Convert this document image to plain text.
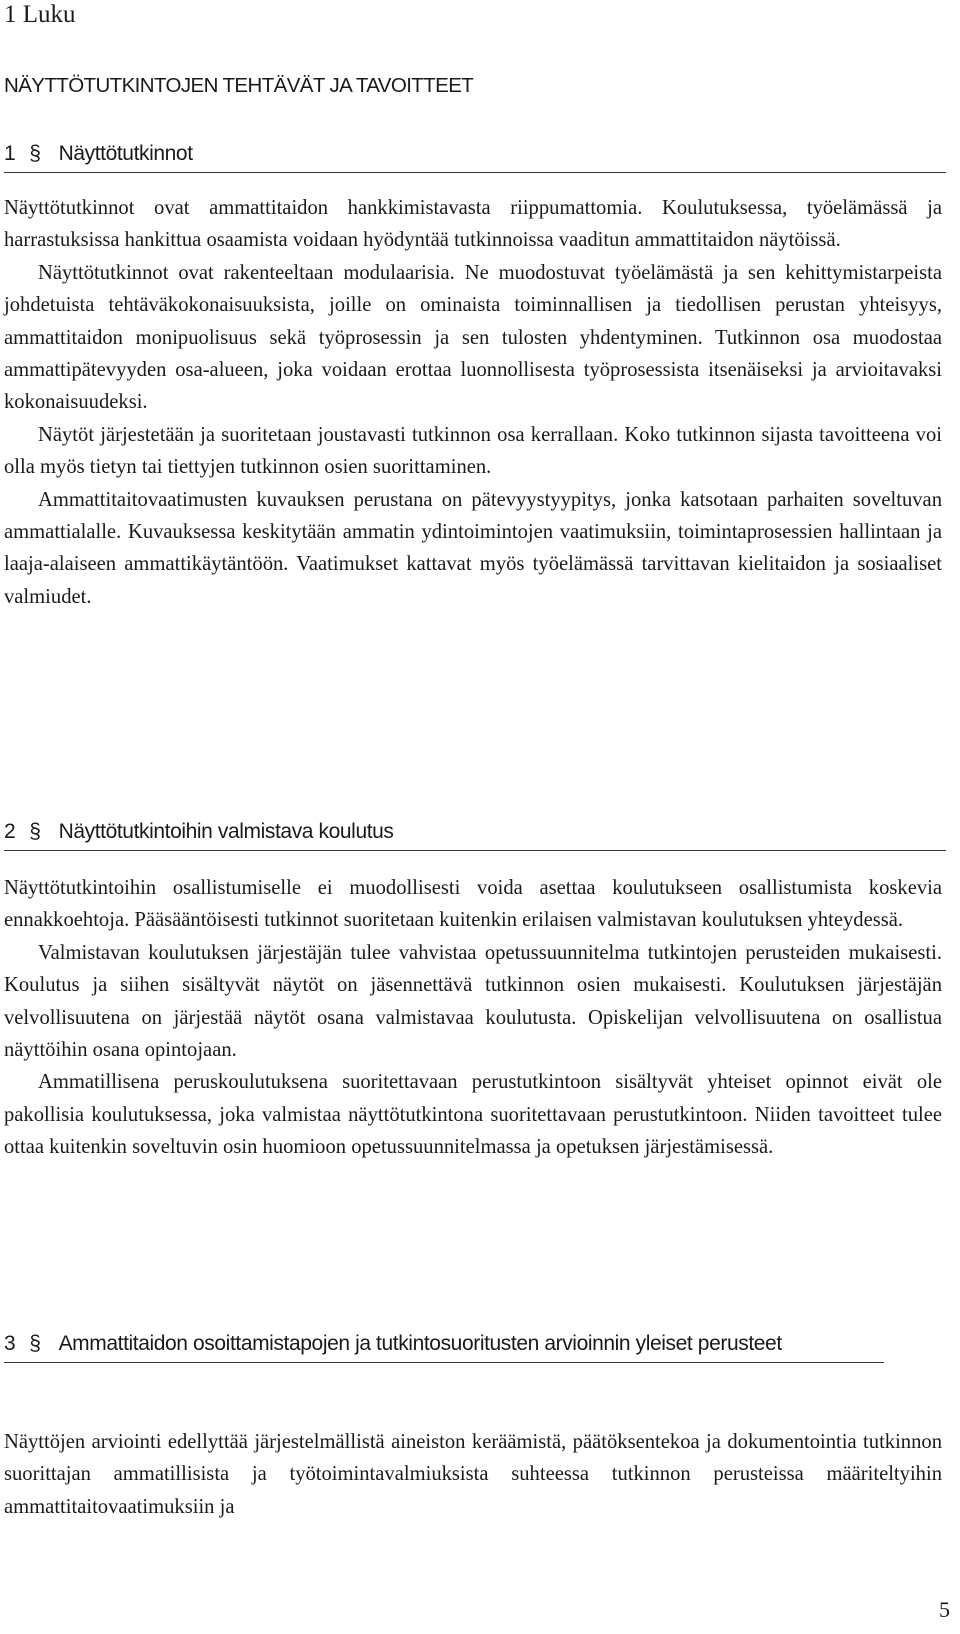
1 Luku
NÄYTTÖTUTKINTOJEN TEHTÄVÄT JA TAVOITTEET
1 § Näyttötutkinnot

Näyttötutkinnot ovat ammattitaidon hankkimistavasta riippumattomia. Koulutuksessa, työelämässä ja harrastuksissa hankittua osaamista voidaan hyödyntää tutkinnoissa vaaditun ammattitaidon näytöissä.

Näyttötutkinnot ovat rakenteeltaan modulaarisia. Ne muodostuvat työelämästä ja sen kehittymistarpeista johdetuista tehtäväkokonaisuuksista, joille on ominaista toiminnallisen ja tiedollisen perustan yhteisyys, ammattitaidon monipuolisuus sekä työprosessin ja sen tulosten yhdentyminen. Tutkinnon osa muodostaa ammattipätevyyden osa-alueen, joka voidaan erottaa luonnollisesta työprosessista itsenäiseksi ja arvioitavaksi kokonaisuudeksi.

Näytöt järjestetään ja suoritetaan joustavasti tutkinnon osa kerrallaan. Koko tutkinnon sijasta tavoitteena voi olla myös tietyn tai tiettyjen tutkinnon osien suorittaminen.

Ammattitaitovaatimusten kuvauksen perustana on pätevyystyypitys, jonka katsotaan parhaiten soveltuvan ammattialalle. Kuvauksessa keskitytään ammatin ydintoimintojen vaatimuksiin, toimintaprosessien hallintaan ja laaja-alaiseen ammattikäytäntöön. Vaatimukset kattavat myös työelämässä tarvittavan kielitaidon ja sosiaaliset valmiudet.

2 § Näyttötutkintoihin valmistava koulutus

Näyttötutkintoihin osallistumiselle ei muodollisesti voida asettaa koulutukseen osallistumista koskevia ennakkoehtoja. Pääsääntöisesti tutkinnot suoritetaan kuitenkin erilaisen valmistavan koulutuksen yhteydessä.

Valmistavan koulutuksen järjestäjän tulee vahvistaa opetussuunnitelma tutkintojen perusteiden mukaisesti. Koulutus ja siihen sisältyvät näytöt on jäsennettävä tutkinnon osien mukaisesti. Koulutuksen järjestäjän velvollisuutena on järjestää näytöt osana valmistavaa koulutusta. Opiskelijan velvollisuutena on osallistua näyttöihin osana opintojaan.

Ammatillisena peruskoulutuksena suoritettavaan perustutkintoon sisältyvät yhteiset opinnot eivät ole pakollisia koulutuksessa, joka valmistaa näyttötutkintona suoritettavaan perustutkintoon. Niiden tavoitteet tulee ottaa kuitenkin soveltuvin osin huomioon opetussuunnitelmassa ja opetuksen järjestämisessä.

3 § Ammattitaidon osoittamistapojen ja tutkintosuoritusten arvioinnin yleiset perusteet

Näyttöjen arviointi edellyttää järjestelmällistä aineiston keräämistä, päätöksentekoa ja dokumentointia tutkinnon suorittajan ammatillisista ja työtoimintavalmiuksista suhteessa tutkinnon perusteissa määriteltyihin ammattitaitovaatimuksiin ja

5
